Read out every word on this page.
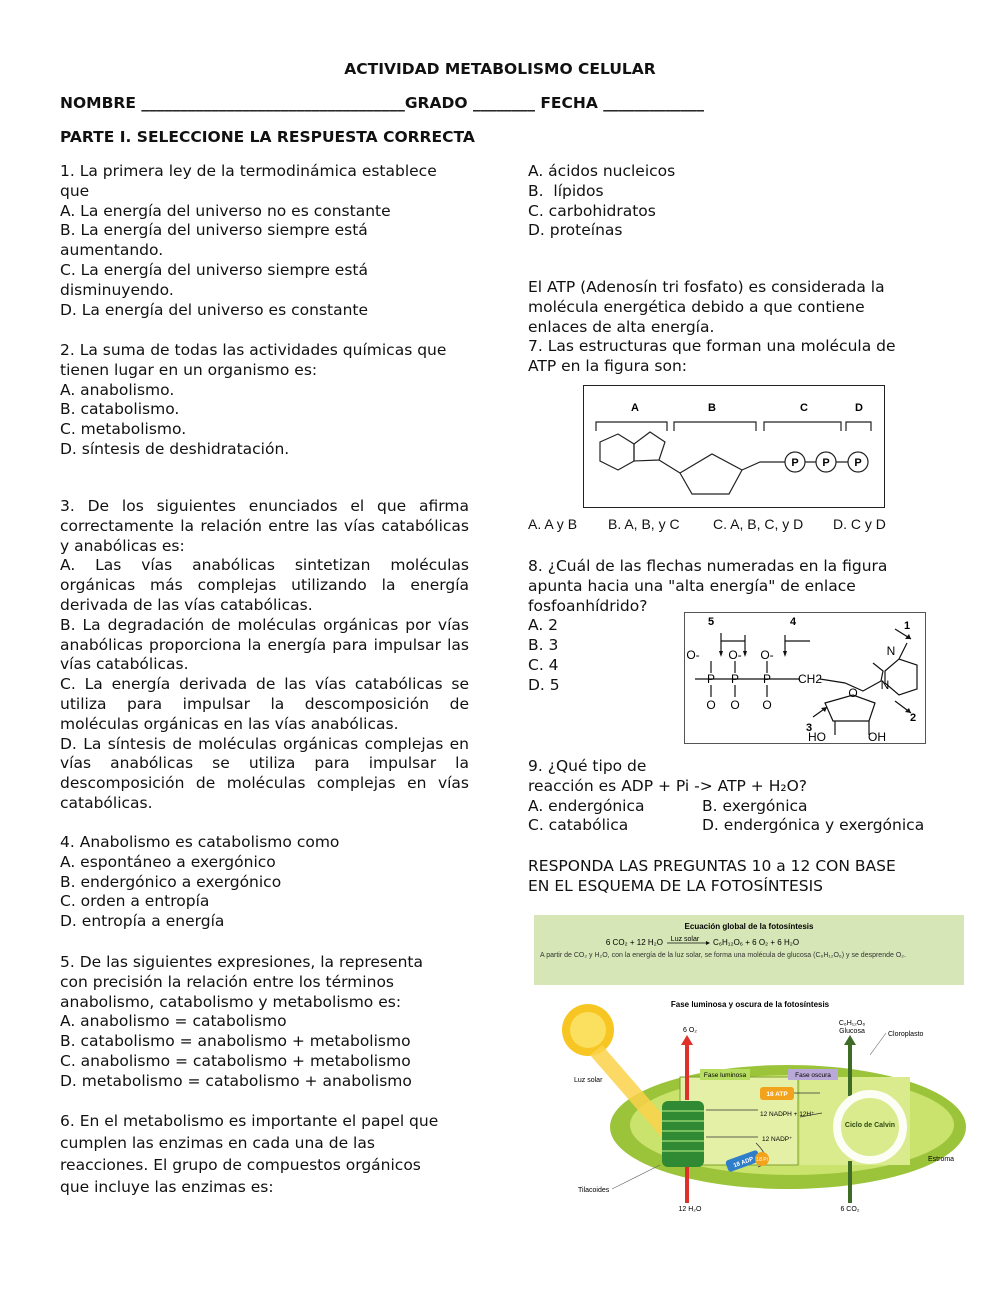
ACTIVIDAD METABOLISMO CELULAR
NOMBRE __________________________________GRADO ________ FECHA _____________
PARTE I. SELECCIONE LA RESPUESTA CORRECTA
1. La primera ley de la termodinámica establece
que
A. La energía del universo no es constante
B. La energía del universo siempre está
aumentando.
C. La energía del universo siempre está
disminuyendo.
D. La energía del universo es constante
2. La suma de todas las actividades químicas que
tienen lugar en un organismo es:
A. anabolismo.
B. catabolismo.
C. metabolismo.
D. síntesis de deshidratación.
3. De los siguientes enunciados el que afirma correctamente la relación entre las vías catabólicas y anabólicas es:
A. Las vías anabólicas sintetizan moléculas orgánicas más complejas utilizando la energía derivada de las vías catabólicas.
B. La degradación de moléculas orgánicas por vías anabólicas proporciona la energía para impulsar las vías catabólicas.
C. La energía derivada de las vías catabólicas se utiliza para impulsar la descomposición de moléculas orgánicas en las vías anabólicas.
D. La síntesis de moléculas orgánicas complejas en vías anabólicas se utiliza para impulsar la descomposición de moléculas complejas en vías catabólicas.
4. Anabolismo es catabolismo como
A. espontáneo a exergónico
B. endergónico a exergónico
C. orden a entropía
D. entropía a energía
5. De las siguientes expresiones, la representa
con precisión la relación entre los términos
anabolismo, catabolismo y metabolismo es:
A. anabolismo = catabolismo
B. catabolismo = anabolismo + metabolismo
C. anabolismo = catabolismo + metabolismo
D. metabolismo = catabolismo + anabolismo
6. En el metabolismo es importante el papel que
cumplen las enzimas en cada una de las
reacciones. El grupo de compuestos orgánicos
que incluye las enzimas es:
A. ácidos nucleicos
B.  lípidos
C. carbohidratos
D. proteínas
El ATP (Adenosín tri fosfato) es considerada la
molécula energética debido a que contiene
enlaces de alta energía.
7. Las estructuras que forman una molécula de
ATP en la figura son:
A	B	C	D
P P P
A. A y B B. A, B, y C C. A, B, C, y D D. C y D
8. ¿Cuál de las flechas numeradas en la figura
apunta hacia una "alta energía" de enlace
fosfoanhídrido?
A. 2
B. 3
C. 4
D. 5
5	4	1
2
3
O- O- O-
O O O
P P P CH2
O
N
N
HO	OH
9. ¿Qué tipo de
reacción es ADP + Pi -> ATP + H₂O?
A. endergónica	B. exergónica
C. catabólica	D. endergónica y exergónica
RESPONDA LAS PREGUNTAS 10 a 12 CON BASE
EN EL ESQUEMA DE LA FOTOSÍNTESIS
Ecuación global de la fotosíntesis
6 CO₂ + 12 H₂O Luz solar C₆H₁₂O₆ + 6 O₂ + 6 H₂O
A partir de CO₂ y H₂O, con la energía de la luz solar, se forma una molécula de glucosa (C₆H₁₂O₆) y se desprende O₂.
Fase luminosa y oscura de la fotosíntesis
6 O₂
C₆H₁₂O₆
Glucosa	Cloroplasto
Luz solar
Fase luminosa	Fase oscura
18 ATP
12 NADPH + 12H⁺
12 NADP⁺
18 ADP 18 Pi
Ciclo de Calvin
Estroma
Tilacoides
12 H₂O	6 CO₂
